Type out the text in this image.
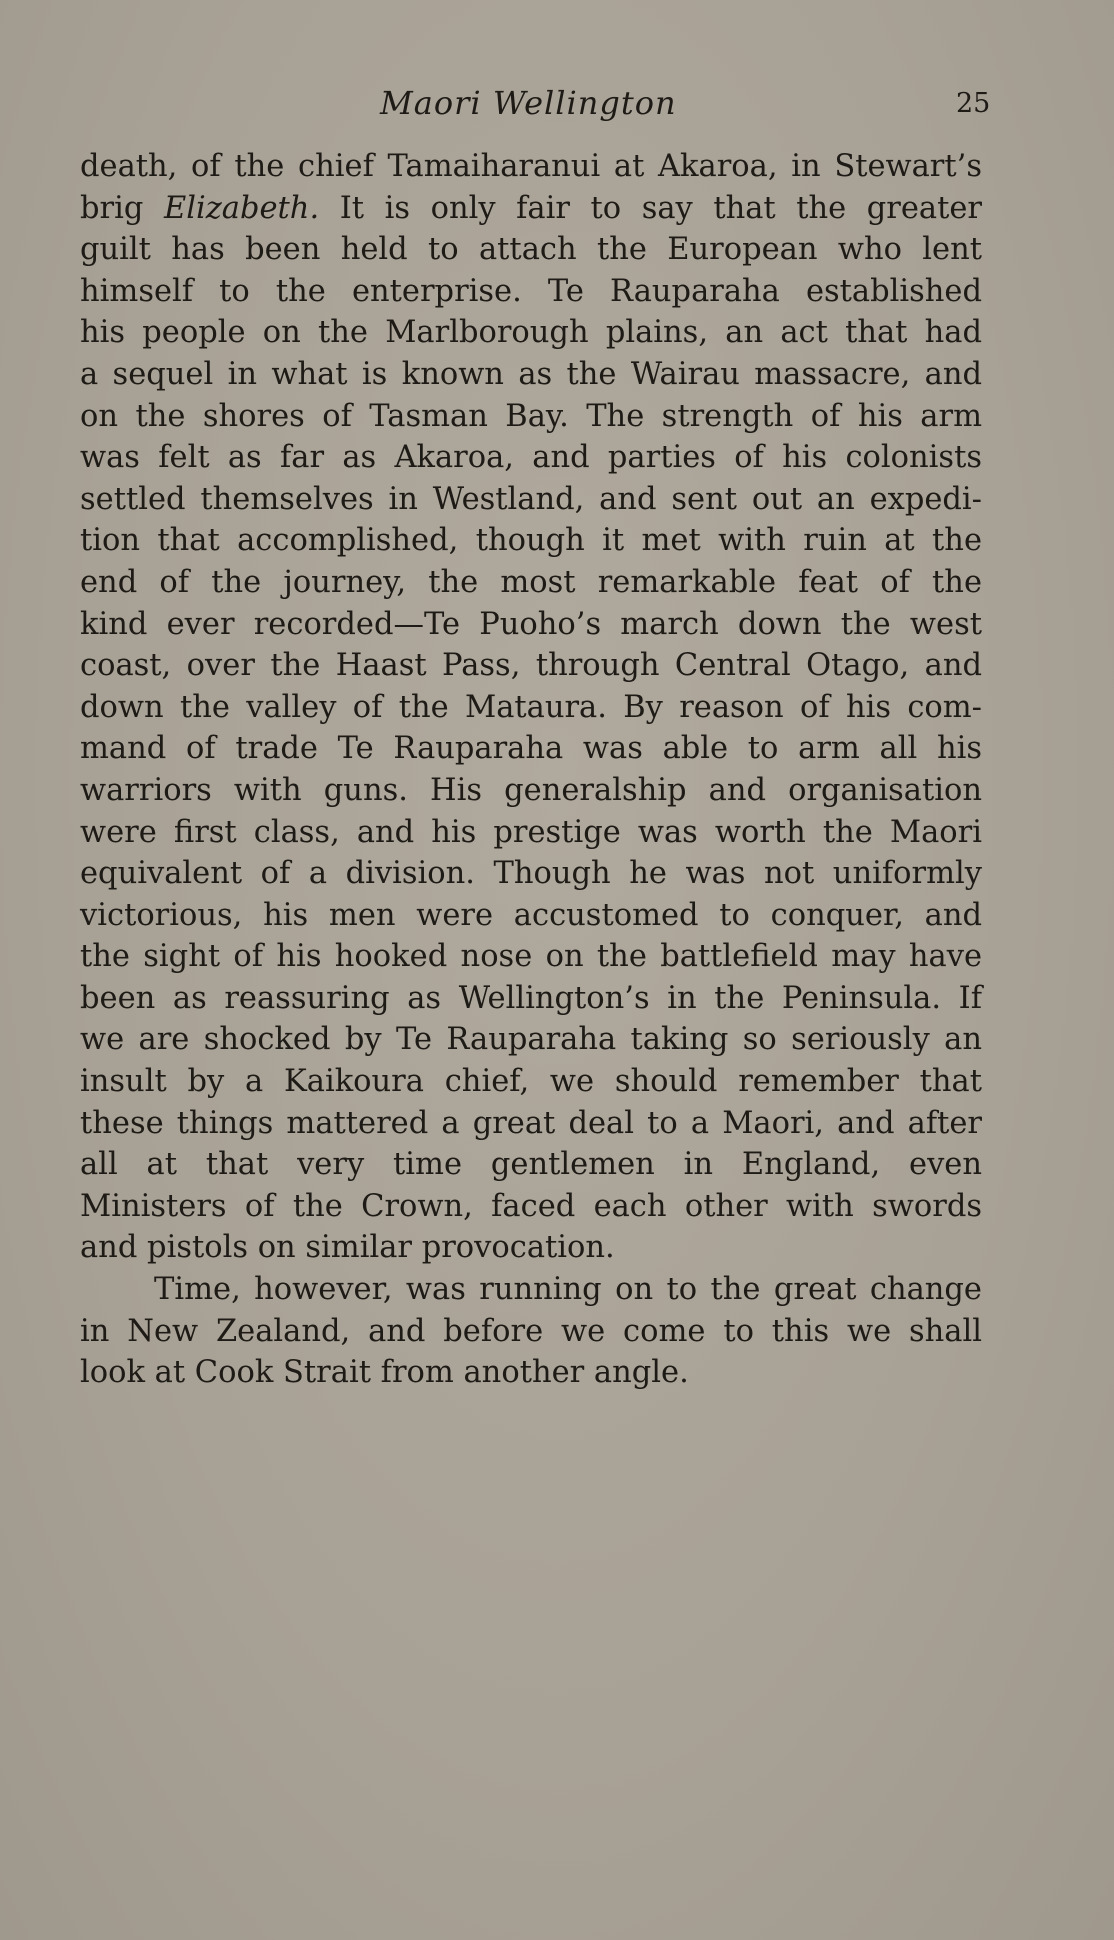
Maori Wellington	25
death, of the chief Tamaiharanui at Akaroa, in Stewart’s
brig Elizabeth. It is only fair to say that the greater
guilt has been held to attach the European who lent
himself to the enterprise. Te Rauparaha established
his people on the Marlborough plains, an act that had
a sequel in what is known as the Wairau massacre, and
on the shores of Tasman Bay. The strength of his arm
was felt as far as Akaroa, and parties of his colonists
settled themselves in Westland, and sent out an expedi-
tion that accomplished, though it met with ruin at the
end of the journey, the most remarkable feat of the
kind ever recorded—Te Puoho’s march down the west
coast, over the Haast Pass, through Central Otago, and
down the valley of the Mataura. By reason of his com-
mand of trade Te Rauparaha was able to arm all his
warriors with guns. His generalship and organisation
were first class, and his prestige was worth the Maori
equivalent of a division. Though he was not uniformly
victorious, his men were accustomed to conquer, and
the sight of his hooked nose on the battlefield may have
been as reassuring as Wellington’s in the Peninsula. If
we are shocked by Te Rauparaha taking so seriously an
insult by a Kaikoura chief, we should remember that
these things mattered a great deal to a Maori, and after
all at that very time gentlemen in England, even
Ministers of the Crown, faced each other with swords
and pistols on similar provocation.
Time, however, was running on to the great change
in New Zealand, and before we come to this we shall
look at Cook Strait from another angle.
